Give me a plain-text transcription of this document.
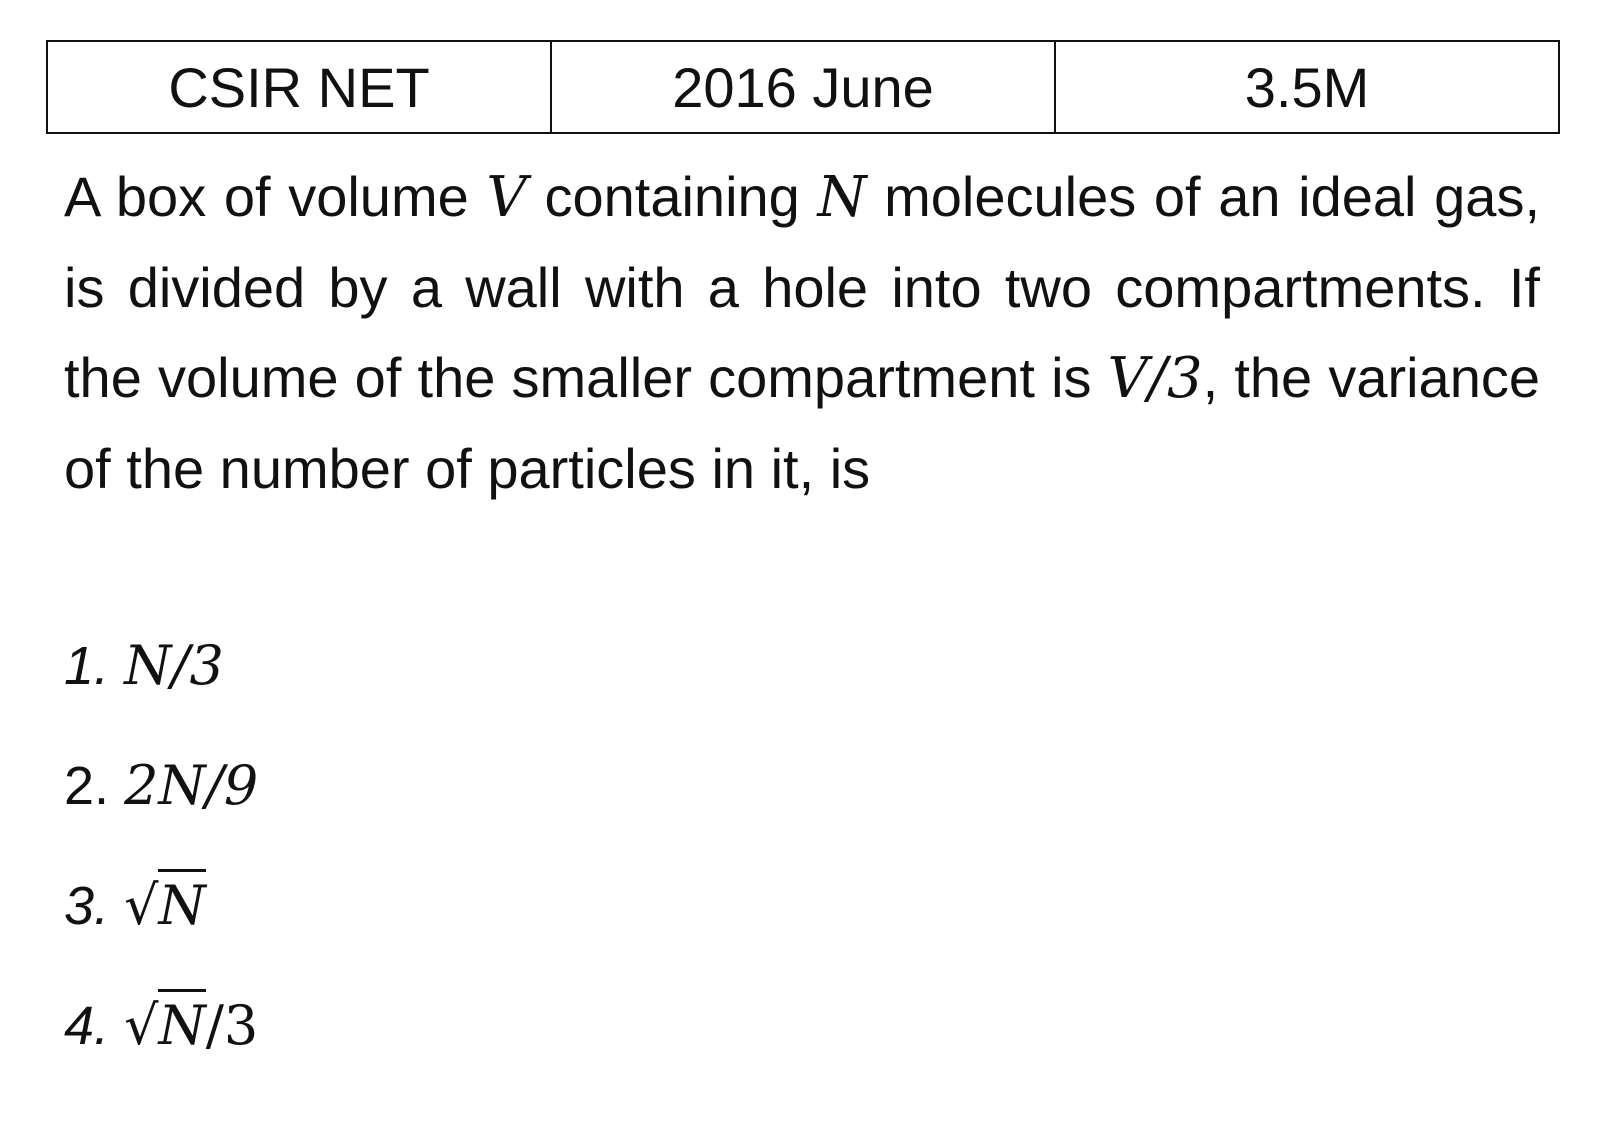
CSIR NET	2016 June	3.5M

A box of volume V containing N molecules of an ideal gas, is divided by a wall with a hole into two compartments. If the volume of the smaller compartment is V/3, the variance of the number of particles in it, is

1. N/3
2. 2N/9
3. √N
4. √N/3
